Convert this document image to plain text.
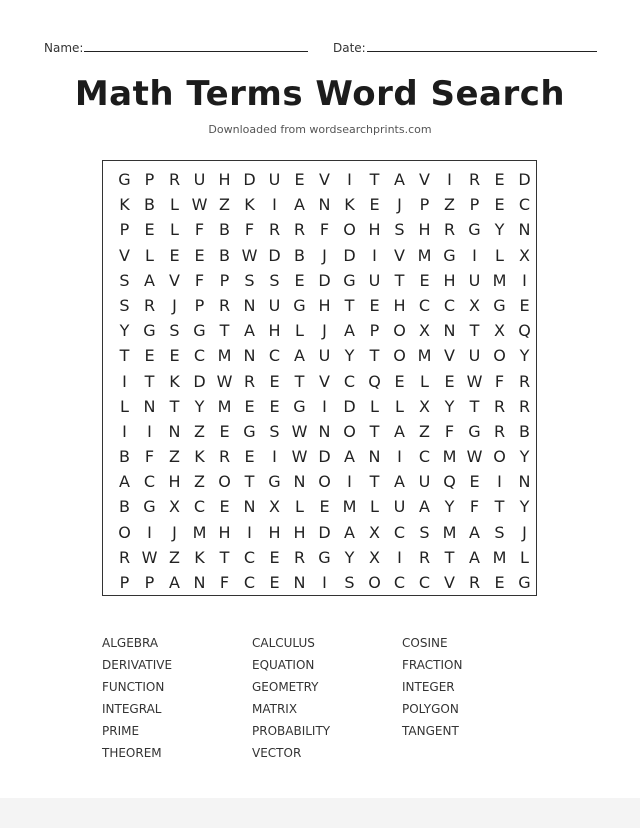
Name:	Date:
Math Terms Word Search
Downloaded from wordsearchprints.com
G P R U H D U E V	I	T A V	I	R E D
K B L W Z K	I	A N K E	J	P Z P E C
P E L F B F R R F O H S H R G Y N
V L E E B W D B	J	D	I	V M G	I	L X
S A V F P S S E D G U T E H U M I
S R	J	P R N U G H T E H C C X G E
Y G S G T A H L	J	A P O X N T X Q
T E E C M N C A U Y T O M V U O Y
I	T K D W R E T V C Q E L E W F R
L N T Y M E E G	I	D L	L X Y T R R
I	I	N Z E G S W N O T A Z F G R B
B F Z K R E	I W D A N	I	C M W O Y
A C H Z O T G N O	I	T A U Q E	I	N
B G X C E N X L E M L U A Y F T Y
O	I	J M H	I	H H D A X C S M A S	J
R W Z K T C E R G Y X	I	R T A M L
P P A N F C E N	I	S O C C V R E G
ALGEBRA	CALCULUS	COSINE
DERIVATIVE	EQUATION	FRACTION
FUNCTION	GEOMETRY	INTEGER
INTEGRAL	MATRIX	POLYGON
PRIME	PROBABILITY	TANGENT
THEOREM	VECTOR
